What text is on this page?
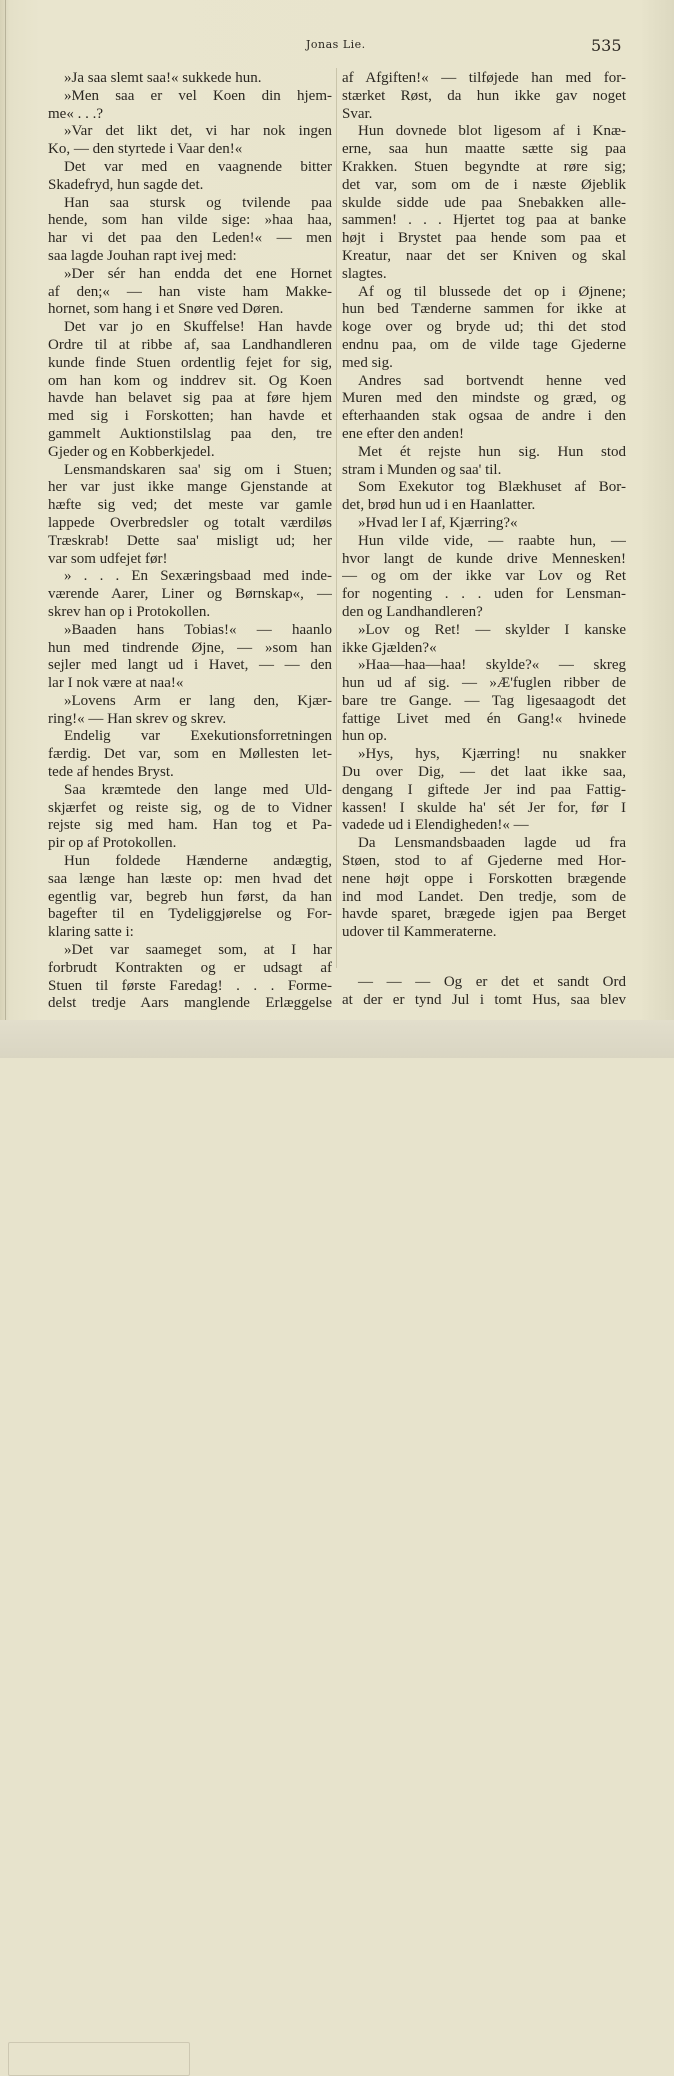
Jonas Lie.	535
»Ja saa slemt saa!« sukkede hun.
»Men saa er vel Koen din hjem-
me« . . .?
»Var det likt det, vi har nok ingen
Ko, — den styrtede i Vaar den!«
Det var med en vaagnende bitter
Skadefryd, hun sagde det.
Han saa stursk og tvilende paa
hende, som han vilde sige: »haa haa,
har vi det paa den Leden!« — men
saa lagde Jouhan rapt ivej med:
»Der sér han endda det ene Hornet
af den;« — han viste ham Makke-
hornet, som hang i et Snøre ved Døren.
Det var jo en Skuffelse! Han havde
Ordre til at ribbe af, saa Landhandleren
kunde finde Stuen ordentlig fejet for sig,
om han kom og inddrev sit. Og Koen
havde han belavet sig paa at føre hjem
med sig i Forskotten; han havde et
gammelt Auktionstilslag paa den, tre
Gjeder og en Kobberkjedel.
Lensmandskaren saa' sig om i Stuen;
her var just ikke mange Gjenstande at
hæfte sig ved; det meste var gamle
lappede Overbredsler og totalt værdiløs
Træskrab! Dette saa' misligt ud; her
var som udfejet før!
» . . . En Sexæringsbaad med inde-
værende Aarer, Liner og Børnskap«, —
skrev han op i Protokollen.
»Baaden hans Tobias!« — haanlo
hun med tindrende Øjne, — »som han
sejler med langt ud i Havet, — — den
lar I nok være at naa!«
»Lovens Arm er lang den, Kjær-
ring!« — Han skrev og skrev.
Endelig var Exekutionsforretningen
færdig. Det var, som en Møllesten let-
tede af hendes Bryst.
Saa kræmtede den lange med Uld-
skjærfet og reiste sig, og de to Vidner
rejste sig med ham. Han tog et Pa-
pir op af Protokollen.
Hun foldede Hænderne andægtig,
saa længe han læste op: men hvad det
egentlig var, begreb hun først, da han
bagefter til en Tydeliggjørelse og For-
klaring satte i:
»Det var saameget som, at I har
forbrudt Kontrakten og er udsagt af
Stuen til første Faredag! . . . Forme-
delst tredje Aars manglende Erlæggelse
af Afgiften!« — tilføjede han med for-
stærket Røst, da hun ikke gav noget
Svar.
Hun dovnede blot ligesom af i Knæ-
erne, saa hun maatte sætte sig paa
Krakken. Stuen begyndte at røre sig;
det var, som om de i næste Øjeblik
skulde sidde ude paa Snebakken alle-
sammen! . . . Hjertet tog paa at banke
højt i Brystet paa hende som paa et
Kreatur, naar det ser Kniven og skal
slagtes.
Af og til blussede det op i Øjnene;
hun bed Tænderne sammen for ikke at
koge over og bryde ud; thi det stod
endnu paa, om de vilde tage Gjederne
med sig.
Andres sad bortvendt henne ved
Muren med den mindste og græd, og
efterhaanden stak ogsaa de andre i den
ene efter den anden!
Met ét rejste hun sig. Hun stod
stram i Munden og saa' til.
Som Exekutor tog Blækhuset af Bor-
det, brød hun ud i en Haanlatter.
»Hvad ler I af, Kjærring?«
Hun vilde vide, — raabte hun, —
hvor langt de kunde drive Mennesken!
— og om der ikke var Lov og Ret
for nogenting . . . uden for Lensman-
den og Landhandleren?
»Lov og Ret! — skylder I kanske
ikke Gjælden?«
»Haa—haa—haa! skylde?« — skreg
hun ud af sig. — »Æ'fuglen ribber de
bare tre Gange. — Tag ligesaagodt det
fattige Livet med én Gang!« hvinede
hun op.
»Hys, hys, Kjærring! nu snakker
Du over Dig, — det laat ikke saa,
dengang I giftede Jer ind paa Fattig-
kassen! I skulde ha' sét Jer for, før I
vadede ud i Elendigheden!« —
Da Lensmandsbaaden lagde ud fra
Støen, stod to af Gjederne med Hor-
nene højt oppe i Forskotten brægende
ind mod Landet. Den tredje, som de
havde sparet, brægede igjen paa Berget
udover til Kammeraterne.
— — — Og er det et sandt Ord
at der er tynd Jul i tomt Hus, saa blev
